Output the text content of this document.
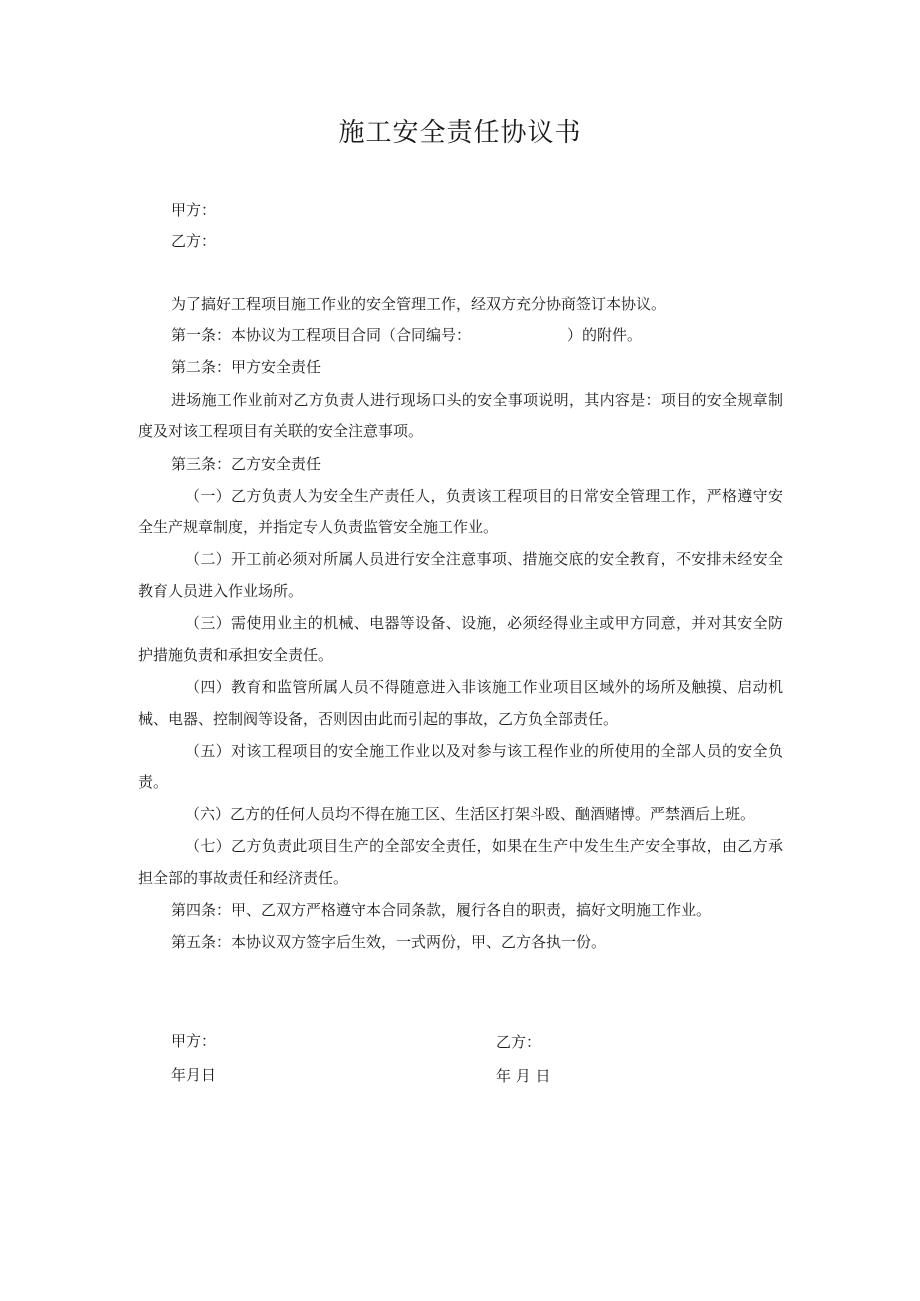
施工安全责任协议书
甲方：
乙方：
为了搞好工程项目施工作业的安全管理工作，经双方充分协商签订本协议。
第一条：本协议为工程项目合同（合同编号：	）的附件。
第二条：甲方安全责任
进场施工作业前对乙方负责人进行现场口头的安全事项说明，其内容是：项目的安全规章制
度及对该工程项目有关联的安全注意事项。
第三条：乙方安全责任
（一）乙方负责人为安全生产责任人，负责该工程项目的日常安全管理工作，严格遵守安
全生产规章制度，并指定专人负责监管安全施工作业。
（二）开工前必须对所属人员进行安全注意事项、措施交底的安全教育，不安排未经安全
教育人员进入作业场所。
（三）需使用业主的机械、电器等设备、设施，必须经得业主或甲方同意，并对其安全防
护措施负责和承担安全责任。
（四）教育和监管所属人员不得随意进入非该施工作业项目区域外的场所及触摸、启动机
械、电器、控制阀等设备，否则因由此而引起的事故，乙方负全部责任。
（五）对该工程项目的安全施工作业以及对参与该工程作业的所使用的全部人员的安全负
责。
（六）乙方的任何人员均不得在施工区、生活区打架斗殴、酗酒赌博。严禁酒后上班。
（七）乙方负责此项目生产的全部安全责任，如果在生产中发生生产安全事故，由乙方承
担全部的事故责任和经济责任。
第四条：甲、乙双方严格遵守本合同条款，履行各自的职责，搞好文明施工作业。
第五条：本协议双方签字后生效，一式两份，甲、乙方各执一份。
甲方：
年月日
乙方：
年 月 日
